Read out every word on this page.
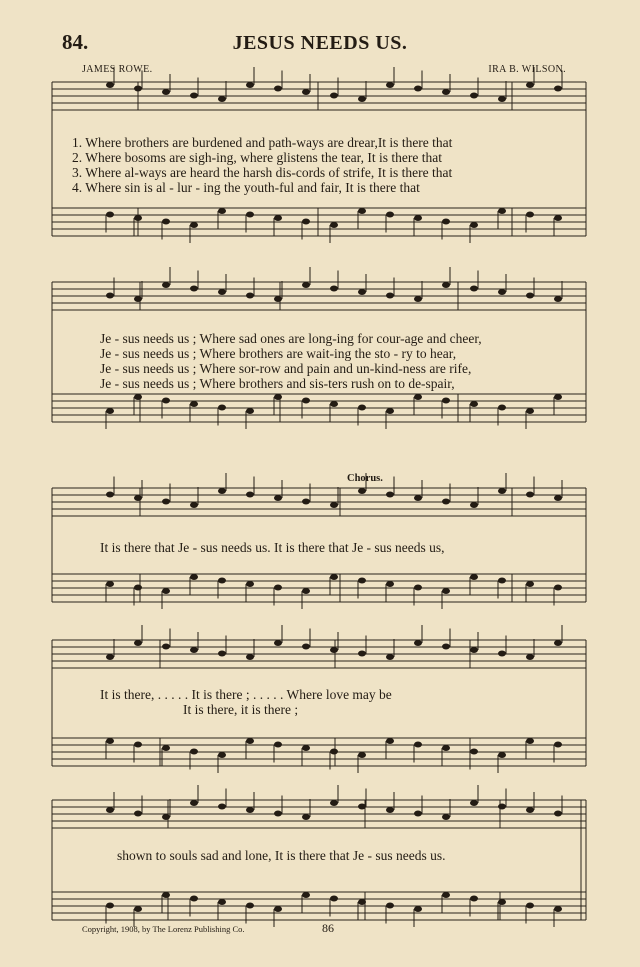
84.	JESUS NEEDS US.
JAMES ROWE.	IRA B. WILSON.
1. Where brothers are burdened and path-ways are drear,It is there that
2. Where bosoms are sigh-ing, where glistens the tear, It is there that
3. Where al-ways are heard the harsh dis-cords of strife, It is there that
4. Where sin is al - lur - ing the youth-ful and fair, It is there that
Je - sus needs us ; Where sad ones are long-ing for cour-age and cheer,
Je - sus needs us ; Where brothers are wait-ing the sto - ry to hear,
Je - sus needs us ; Where sor-row and pain and un-kind-ness are rife,
Je - sus needs us ; Where brothers and sis-ters rush on to de-spair,
Chorus.
It is there that Je - sus needs us. It is there that Je - sus needs us,
It is there, . . . . . It is there ; . . . . . Where love may be
It is there, it is there ;
shown to souls sad and lone, It is there that Je - sus needs us.
Copyright, 1908, by The Lorenz Publishing Co.	86
